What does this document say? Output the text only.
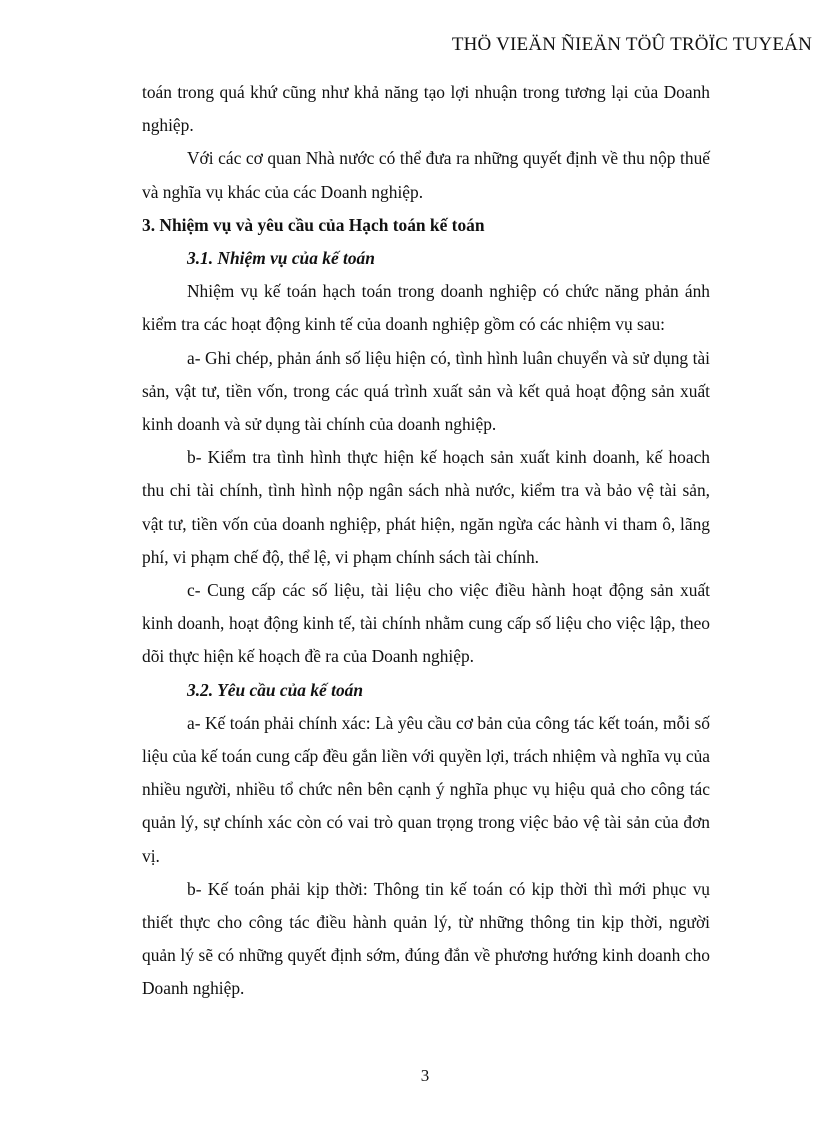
THÖ VIEÄN ÑIEÄN TÖÛ TRÖÏC TUYEÁN

toán trong quá khứ cũng như khả năng tạo lợi nhuận trong tương lại của Doanh nghiệp.

Với các cơ quan Nhà nước có thể đưa ra những quyết định về thu nộp thuế và nghĩa vụ khác của các Doanh nghiệp.

3. Nhiệm vụ và yêu cầu của Hạch toán kế toán

3.1. Nhiệm vụ của kế toán

Nhiệm vụ kế toán hạch toán trong doanh nghiệp có chức năng phản ánh kiểm tra các hoạt động kinh tế của doanh nghiệp gồm có các nhiệm vụ sau:

a- Ghi chép, phản ánh số liệu hiện có, tình hình luân chuyển và sử dụng tài sản, vật tư, tiền vốn, trong các quá trình xuất sản và kết quả hoạt động sản xuất kinh doanh và sử dụng tài chính của doanh nghiệp.

b- Kiểm tra tình hình thực hiện kế hoạch sản xuất kinh doanh, kế hoach thu chi tài chính, tình hình nộp ngân sách nhà nước, kiểm tra và bảo vệ tài sản, vật tư, tiền vốn của doanh nghiệp, phát hiện, ngăn ngừa các hành vi tham ô, lãng phí, vi phạm chế độ, thể lệ, vi phạm chính sách tài chính.

c- Cung cấp các số liệu, tài liệu cho việc điều hành hoạt động sản xuất kinh doanh, hoạt động kinh tế, tài chính nhằm cung cấp số liệu cho việc lập, theo dõi thực hiện kế hoạch đề ra của Doanh nghiệp.

3.2. Yêu cầu của kế toán

a- Kế toán phải chính xác: Là yêu cầu cơ bản của công tác kết toán, mỗi số liệu của kế toán cung cấp đều gắn liền với quyền lợi, trách nhiệm và nghĩa vụ của nhiều người, nhiều tổ chức nên bên cạnh ý nghĩa phục vụ hiệu quả cho công tác quản lý, sự chính xác còn có vai trò quan trọng trong việc bảo vệ tài sản của đơn vị.

b- Kế toán phải kịp thời: Thông tin kế toán có kịp thời thì mới phục vụ thiết thực cho công tác điều hành quản lý, từ những thông tin kịp thời, người quản lý sẽ có những quyết định sớm, đúng đắn về phương hướng kinh doanh cho Doanh nghiệp.

3
